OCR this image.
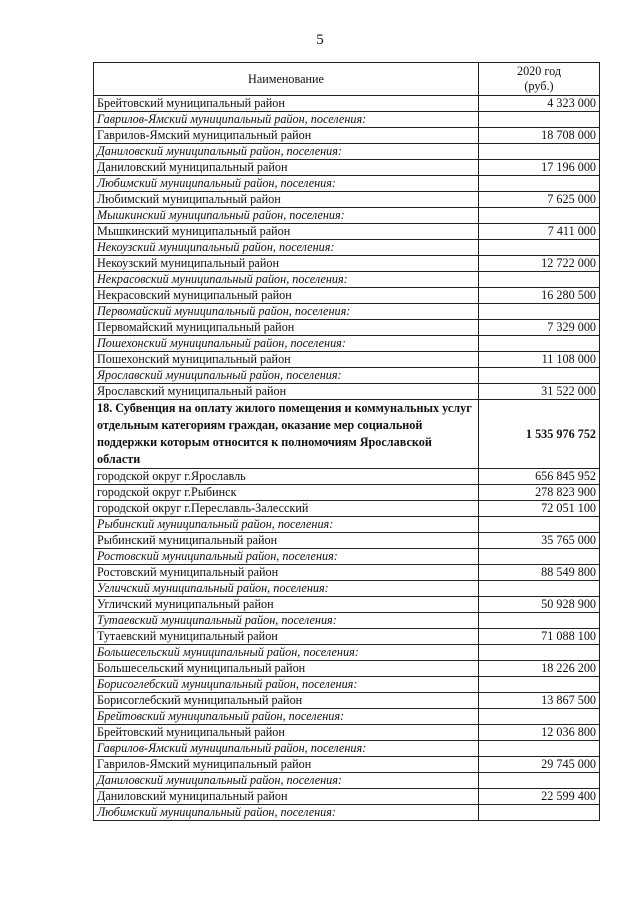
5
Наименование	2020 год
(руб.)

Брейтовский муниципальный район	4 323 000
Гаврилов-Ямский муниципальный район, поселения:	
Гаврилов-Ямский муниципальный район	18 708 000
Даниловский муниципальный район, поселения:	
Даниловский муниципальный район	17 196 000
Любимский муниципальный район, поселения:	
Любимский муниципальный район	7 625 000
Мышкинский муниципальный район, поселения:	
Мышкинский муниципальный район	7 411 000
Некоузский муниципальный район, поселения:	
Некоузский муниципальный район	12 722 000
Некрасовский муниципальный район, поселения:	
Некрасовский муниципальный район	16 280 500
Первомайский муниципальный район, поселения:	
Первомайский муниципальный район	7 329 000
Пошехонский муниципальный район, поселения:	
Пошехонский муниципальный район	11 108 000
Ярославский муниципальный район, поселения:	
Ярославский муниципальный район	31 522 000
18. Субвенция на оплату жилого помещения и коммунальных услуг отдельным категориям граждан, оказание мер социальной поддержки которым относится к полномочиям Ярославской области	1 535 976 752
городской округ г.Ярославль	656 845 952
городской округ г.Рыбинск	278 823 900
городской округ г.Переславль-Залесский	72 051 100
Рыбинский муниципальный район, поселения:	
Рыбинский муниципальный район	35 765 000
Ростовский муниципальный район, поселения:	
Ростовский муниципальный район	88 549 800
Угличский муниципальный район, поселения:	
Угличский муниципальный район	50 928 900
Тутаевский муниципальный район, поселения:	
Тутаевский муниципальный район	71 088 100
Большесельский муниципальный район, поселения:	
Большесельский муниципальный район	18 226 200
Борисоглебский муниципальный район, поселения:	
Борисоглебский муниципальный район	13 867 500
Брейтовский муниципальный район, поселения:	
Брейтовский муниципальный район	12 036 800
Гаврилов-Ямский муниципальный район, поселения:	
Гаврилов-Ямский муниципальный район	29 745 000
Даниловский муниципальный район, поселения:	
Даниловский муниципальный район	22 599 400
Любимский муниципальный район, поселения:	
